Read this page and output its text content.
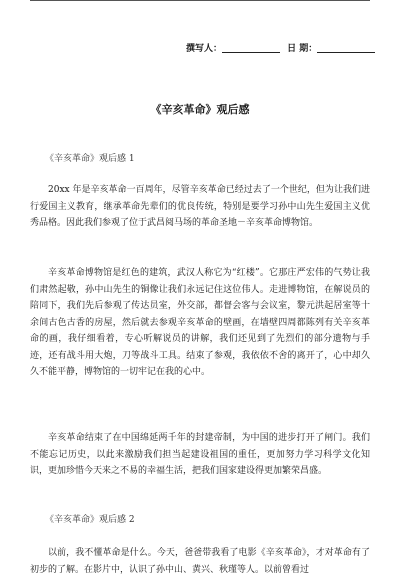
撰写人：	日 期：
《辛亥革命》观后感
《辛亥革命》观后感 1

20xx 年是辛亥革命一百周年，尽管辛亥革命已经过去了一个世纪，但为让我们进行爱国主义教育，继承革命先辈们的优良传统，特别是要学习孙中山先生爱国主义优秀品格。因此我们参观了位于武昌阅马场的革命圣地－辛亥革命博物馆。

辛亥革命博物馆是红色的建筑，武汉人称它为“红楼”。它那庄严宏伟的气势让我们肃然起敬，孙中山先生的铜像让我们永远记住这位伟人。走进博物馆，在解说员的陪同下，我们先后参观了传达员室，外交部，都督会客与会议室，黎元洪起居室等十余间古色古香的房屋，然后就去参观辛亥革命的壁画，在墙壁四周都陈列有关辛亥革命的画，我仔细看着，专心听解说员的讲解，我们还见到了先烈们的部分遗物与手迹，还有战斗用大炮，刀等战斗工具。结束了参观，我依依不舍的离开了，心中却久久不能平静，博物馆的一切牢记在我的心中。

辛亥革命结束了在中国绵延两千年的封建帝制，为中国的进步打开了闸门。我们不能忘记历史，以此来激励我们担当起建设祖国的重任，更加努力学习科学文化知识，更加珍惜今天来之不易的幸福生活，把我们国家建设得更加繁荣昌盛。

《辛亥革命》观后感 2

以前，我不懂革命是什么。今天，爸爸带我看了电影《辛亥革命》，才对革命有了初步的了解。在影片中，认识了孙中山、黄兴、秋瑾等人。以前曾看过
